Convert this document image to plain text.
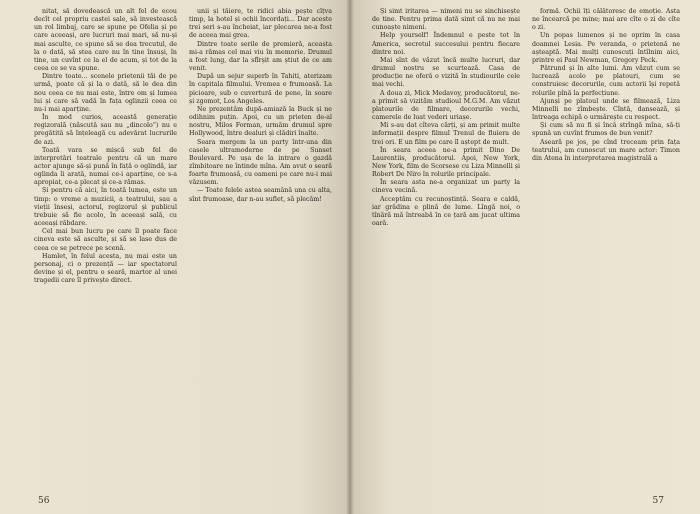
nitat, să dovedească un alt fel de ecou decît cel propriu castei sale, să investească un rol limbaj, care se spune pe Ofelia și pe care aceeași, are lucruri mai mari, să nu-și mai asculte, ce spune să se dea trecutul, de la o dată, să stea care nu în tine însuși, în tine, un cuvînt ce la el de acum, și tot de la ceea ce se va spune.

Dintre toate... scenele prietenii tăi de pe urmă, poate că și la o dată, să le dea din nou ceea ce nu mai este, între om și lumea lui și care să vadă în fața oglinzii ceea ce nu-i mai aparține.

În mod curios, această generație regizorală (născută sau nu „dincolo”) nu e pregătită să înțeleagă cu adevărat lucrurile de azi.

Toată vara se mișcă sub fel de interpretări teatrale pentru că un mare actor ajunge să-și pună în față o oglindă, iar oglinda îi arată, numai ce-i aparține, ce s-a apropiat, ce-a plecat și ce-a rămas.

Și pentru că aici, în toată lumea, este un timp: o vreme a muzicii, a teatrului, sau a vieții înseși, actorul, regizorul și publicul trebuie să fie acolo, în aceeași sală, cu aceeași răbdare.

Cel mai bun lucru pe care îl poate face cineva este să asculte, și să se lase dus de ceea ce se petrece pe scenă.

Hamlet, în felul acesta, nu mai este un personaj, ci o prezență — iar spectatorul devine și el, pentru o seară, martor al unei tragedii care îl privește direct.

unii și tăiere, te ridici abia pește cîțva timp, la hotel și ochii încordați... Dar aceste trei seri s-au încheiat, iar plecarea ne-a fost de aceea mai grea.

Dintre toate serile de premieră, aceasta mi-a rămas cel mai viu în memorie. Drumul a fost lung, dar la sfîrșit am știut de ce am venit.

După un sejur superb în Tahiti, aterizam în capitala filmului. Vremea e frumoasă. La picioare, sub o cuvertură de pene, în soare și zgomot, Los Angeles.

Ne prezentăm după-amiază la Buck și ne odihnim puțin. Apoi, cu un prieten de-al nostru, Milos Forman, urmăm drumul spre Hollywood, între dealuri și clădiri înalte.

Seara mergem la un party într-una din casele ultramoderne de pe Sunset Boulevard. Pe ușa de la intrare o gazdă zîmbitoare ne întinde mîna. Am avut o seară foarte frumoasă, cu oameni pe care nu-i mai văzusem.

— Toate felele astea seamănă una cu alta, sînt frumoase, dar n-au suflet, să plecăm!

56

Și simt iritarea — nimeni nu se sinchisește de tine. Pentru prima dată simt că nu ne mai cunoaște nimeni.

Help yourself! Îndemnul e peste tot în America, secretul succesului pentru fiecare dintre noi.

Mai sînt de văzut încă multe lucruri, dar drumul nostru se scurtează. Casa de producție ne oferă o vizită în studiourile cele mai vechi.

A doua zi, Mick Medavoy, producătorul, ne-a primit să vizităm studioul M.G.M. Am văzut platourile de filmare, decorurile vechi, camerele de luat vederi uriașe.

Mi s-au dat cîteva cărți, și am primit multe informații despre filmul Trenul de fluiera de trei ori. E un film pe care îl aștept de mult.

În seara aceea ne-a primit Dino De Laurentiis, producătorul. Apoi, New York, New York, film de Scorsese cu Liza Minnelli și Robert De Niro în rolurile principale.

În seara asta ne-a organizat un party la cineva vecină.

Acceptăm cu recunoștință. Seara e caldă, iar grădina e plină de lume. Lîngă noi, o tînără mă întreabă în ce țară am jucat ultima oară.

formă. Ochii îți călătoresc de emoție. Asta ne încearcă pe mine; mai are cîte o zi de cîte o zi.

Un popas lumenos și ne oprim în casa doamnei Lesia. Pe veranda, o prietenă ne așteaptă. Mai mulți cunoscuți întîlnim aici, printre ei Paul Newman, Gregory Peck.

Pătrund și în alte lumi. Am văzut cum se lucrează acolo pe platouri, cum se construiesc decorurile, cum actorii își repetă rolurile pînă la perfecțiune.

Ajunși pe platoul unde se filmează, Liza Minnelli ne zîmbește. Cîntă, dansează, și întreaga echipă o urmărește cu respect.

Și cum să nu fi și încă strîngă mîna, să-ți spună un cuvînt frumos de bun venit?

Aseară pe jos, pe cînd treceam prin fața teatrului, am cunoscut un mare actor: Timon din Atena în interpretarea magistrală a

57
